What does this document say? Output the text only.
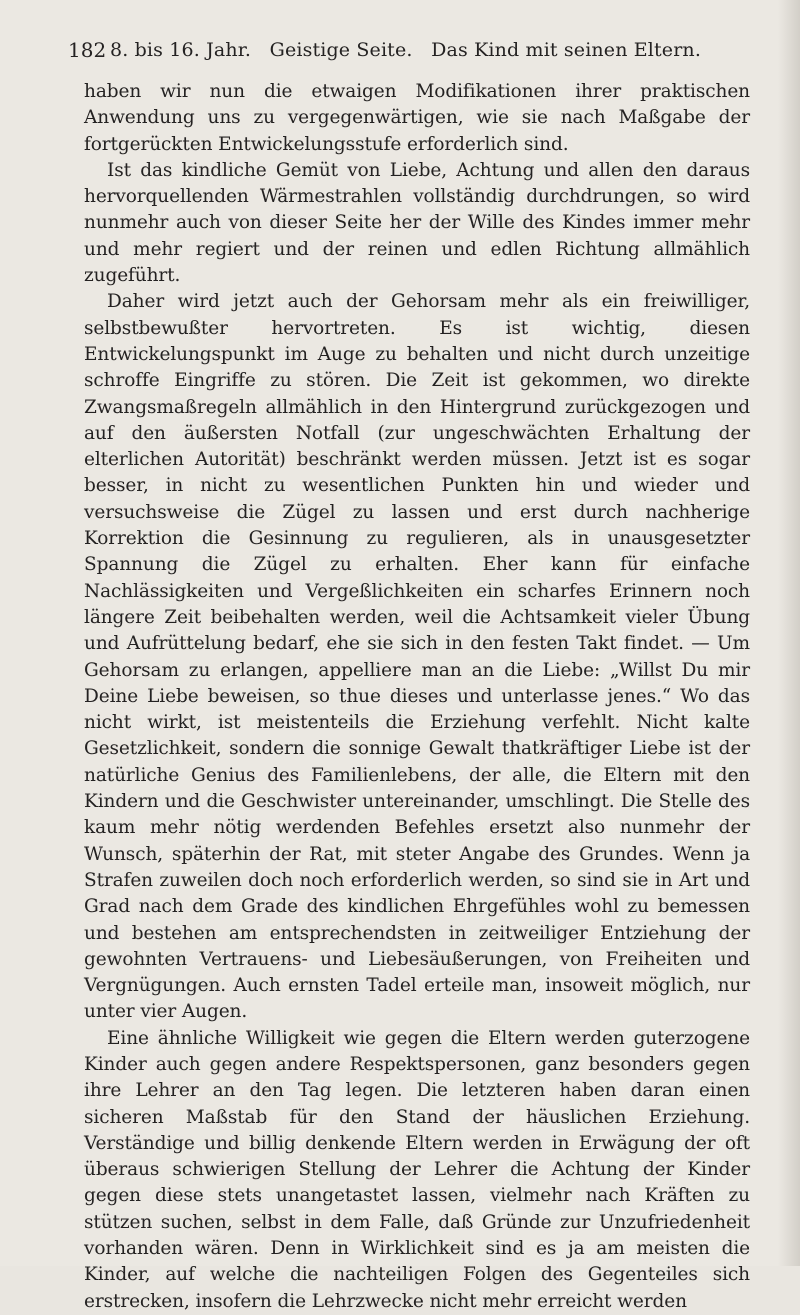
182 8. bis 16. Jahr.   Geistige Seite.   Das Kind mit seinen Eltern.

haben wir nun die etwaigen Modifikationen ihrer praktischen Anwendung uns zu vergegenwärtigen, wie sie nach Maßgabe der fortgerückten Entwickelungsstufe erforderlich sind.

Ist das kindliche Gemüt von Liebe, Achtung und allen den daraus hervorquellenden Wärmestrahlen vollständig durchdrungen, so wird nunmehr auch von dieser Seite her der Wille des Kindes immer mehr und mehr regiert und der reinen und edlen Richtung allmählich zugeführt.

Daher wird jetzt auch der Gehorsam mehr als ein freiwilliger, selbstbewußter hervortreten. Es ist wichtig, diesen Entwickelungspunkt im Auge zu behalten und nicht durch unzeitige schroffe Eingriffe zu stören. Die Zeit ist gekommen, wo direkte Zwangsmaßregeln allmählich in den Hintergrund zurückgezogen und auf den äußersten Notfall (zur ungeschwächten Erhaltung der elterlichen Autorität) beschränkt werden müssen. Jetzt ist es sogar besser, in nicht zu wesentlichen Punkten hin und wieder und versuchsweise die Zügel zu lassen und erst durch nachherige Korrektion die Gesinnung zu regulieren, als in unausgesetzter Spannung die Zügel zu erhalten. Eher kann für einfache Nachlässigkeiten und Vergeßlichkeiten ein scharfes Erinnern noch längere Zeit beibehalten werden, weil die Achtsamkeit vieler Übung und Aufrüttelung bedarf, ehe sie sich in den festen Takt findet. — Um Gehorsam zu erlangen, appelliere man an die Liebe: „Willst Du mir Deine Liebe beweisen, so thue dieses und unterlasse jenes.“ Wo das nicht wirkt, ist meistenteils die Erziehung verfehlt. Nicht kalte Gesetzlichkeit, sondern die sonnige Gewalt thatkräftiger Liebe ist der natürliche Genius des Familienlebens, der alle, die Eltern mit den Kindern und die Geschwister untereinander, umschlingt. Die Stelle des kaum mehr nötig werdenden Befehles ersetzt also nunmehr der Wunsch, späterhin der Rat, mit steter Angabe des Grundes. Wenn ja Strafen zuweilen doch noch erforderlich werden, so sind sie in Art und Grad nach dem Grade des kindlichen Ehrgefühles wohl zu bemessen und bestehen am entsprechendsten in zeitweiliger Entziehung der gewohnten Vertrauens- und Liebesäußerungen, von Freiheiten und Vergnügungen. Auch ernsten Tadel erteile man, insoweit möglich, nur unter vier Augen.

Eine ähnliche Willigkeit wie gegen die Eltern werden guterzogene Kinder auch gegen andere Respektspersonen, ganz besonders gegen ihre Lehrer an den Tag legen. Die letzteren haben daran einen sicheren Maßstab für den Stand der häuslichen Erziehung. Verständige und billig denkende Eltern werden in Erwägung der oft überaus schwierigen Stellung der Lehrer die Achtung der Kinder gegen diese stets unangetastet lassen, vielmehr nach Kräften zu stützen suchen, selbst in dem Falle, daß Gründe zur Unzufriedenheit vorhanden wären. Denn in Wirklichkeit sind es ja am meisten die Kinder, auf welche die nachteiligen Folgen des Gegenteiles sich erstrecken, insofern die Lehrzwecke nicht mehr erreicht werden
